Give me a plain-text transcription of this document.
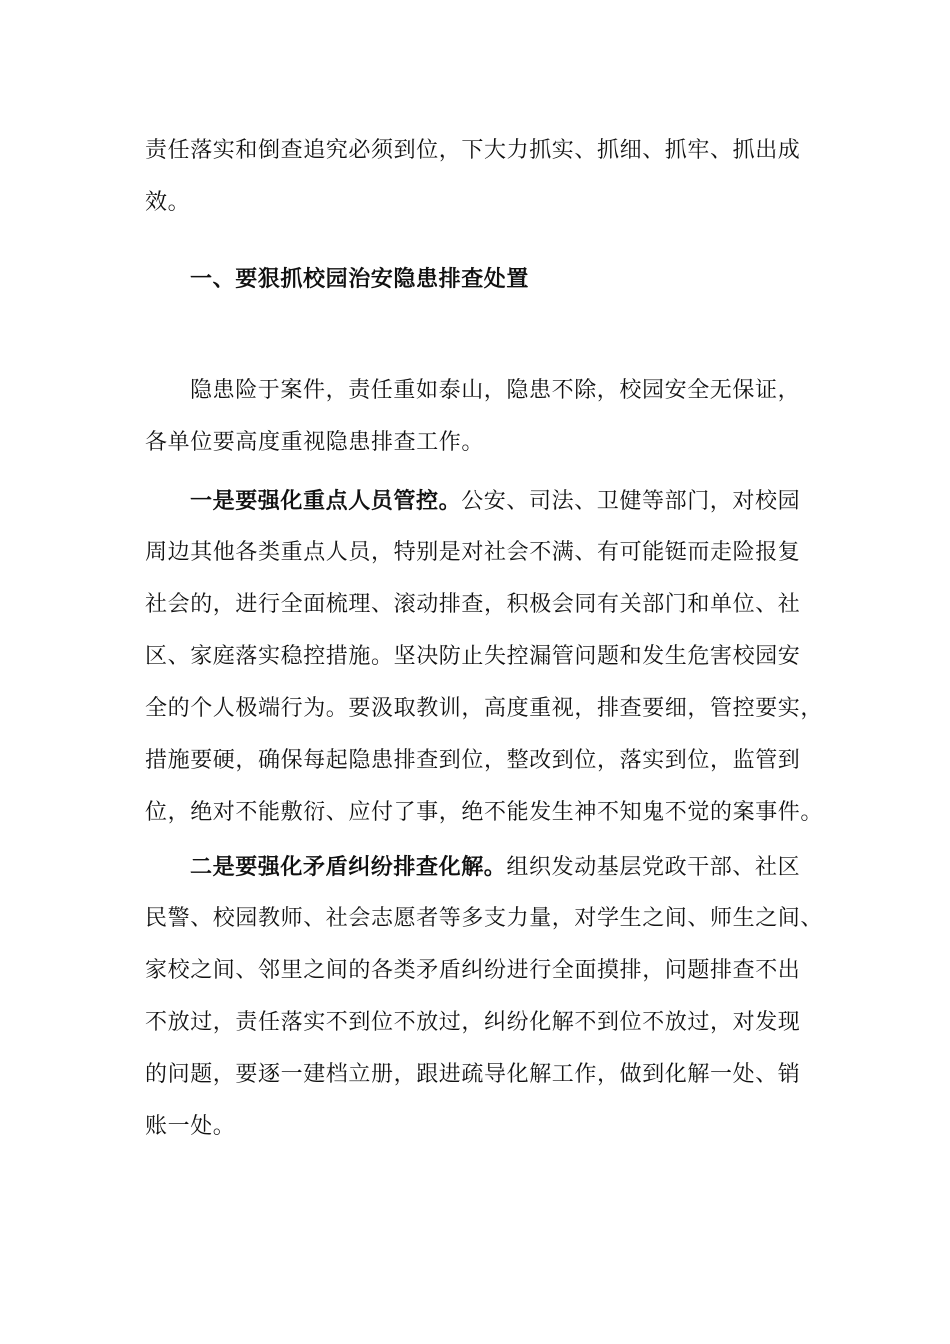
责任落实和倒查追究必须到位，下大力抓实、抓细、抓牢、抓出成
效。
一、要狠抓校园治安隐患排查处置
隐患险于案件，责任重如泰山，隐患不除，校园安全无保证，
各单位要高度重视隐患排查工作。
一是要强化重点人员管控。公安、司法、卫健等部门，对校园
周边其他各类重点人员，特别是对社会不满、有可能铤而走险报复
社会的，进行全面梳理、滚动排查，积极会同有关部门和单位、社
区、家庭落实稳控措施。坚决防止失控漏管问题和发生危害校园安
全的个人极端行为。要汲取教训，高度重视，排查要细，管控要实，
措施要硬，确保每起隐患排查到位，整改到位，落实到位，监管到
位，绝对不能敷衍、应付了事，绝不能发生神不知鬼不觉的案事件。
二是要强化矛盾纠纷排查化解。组织发动基层党政干部、社区
民警、校园教师、社会志愿者等多支力量，对学生之间、师生之间、
家校之间、邻里之间的各类矛盾纠纷进行全面摸排，问题排查不出
不放过，责任落实不到位不放过，纠纷化解不到位不放过，对发现
的问题，要逐一建档立册，跟进疏导化解工作，做到化解一处、销
账一处。
